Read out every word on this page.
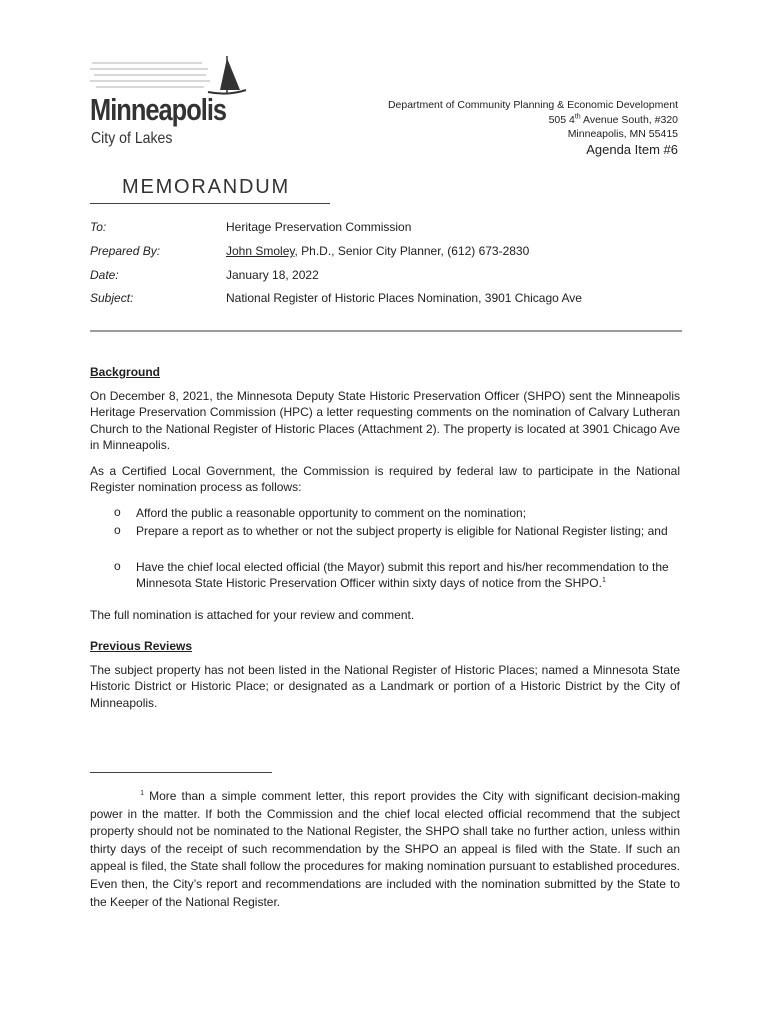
Minneapolis
City of Lakes
Department of Community Planning & Economic Development
505 4th Avenue South, #320
Minneapolis, MN 55415
Agenda Item #6
MEMORANDUM
To:	Heritage Preservation Commission
Prepared By:	John Smoley, Ph.D., Senior City Planner, (612) 673-2830
Date:	January 18, 2022
Subject:	National Register of Historic Places Nomination, 3901 Chicago Ave
Background
On December 8, 2021, the Minnesota Deputy State Historic Preservation Officer (SHPO) sent the Minneapolis Heritage Preservation Commission (HPC) a letter requesting comments on the nomination of Calvary Lutheran Church to the National Register of Historic Places (Attachment 2). The property is located at 3901 Chicago Ave in Minneapolis.
As a Certified Local Government, the Commission is required by federal law to participate in the National Register nomination process as follows:
o Afford the public a reasonable opportunity to comment on the nomination;
o Prepare a report as to whether or not the subject property is eligible for National Register listing; and
o Have the chief local elected official (the Mayor) submit this report and his/her recommendation to the Minnesota State Historic Preservation Officer within sixty days of notice from the SHPO.$^1$
The full nomination is attached for your review and comment.
Previous Reviews
The subject property has not been listed in the National Register of Historic Places; named a Minnesota State Historic District or Historic Place; or designated as a Landmark or portion of a Historic District by the City of Minneapolis.
$^1$ More than a simple comment letter, this report provides the City with significant decision-making power in the matter. If both the Commission and the chief local elected official recommend that the subject property should not be nominated to the National Register, the SHPO shall take no further action, unless within thirty days of the receipt of such recommendation by the SHPO an appeal is filed with the State. If such an appeal is filed, the State shall follow the procedures for making nomination pursuant to established procedures. Even then, the City’s report and recommendations are included with the nomination submitted by the State to the Keeper of the National Register.
